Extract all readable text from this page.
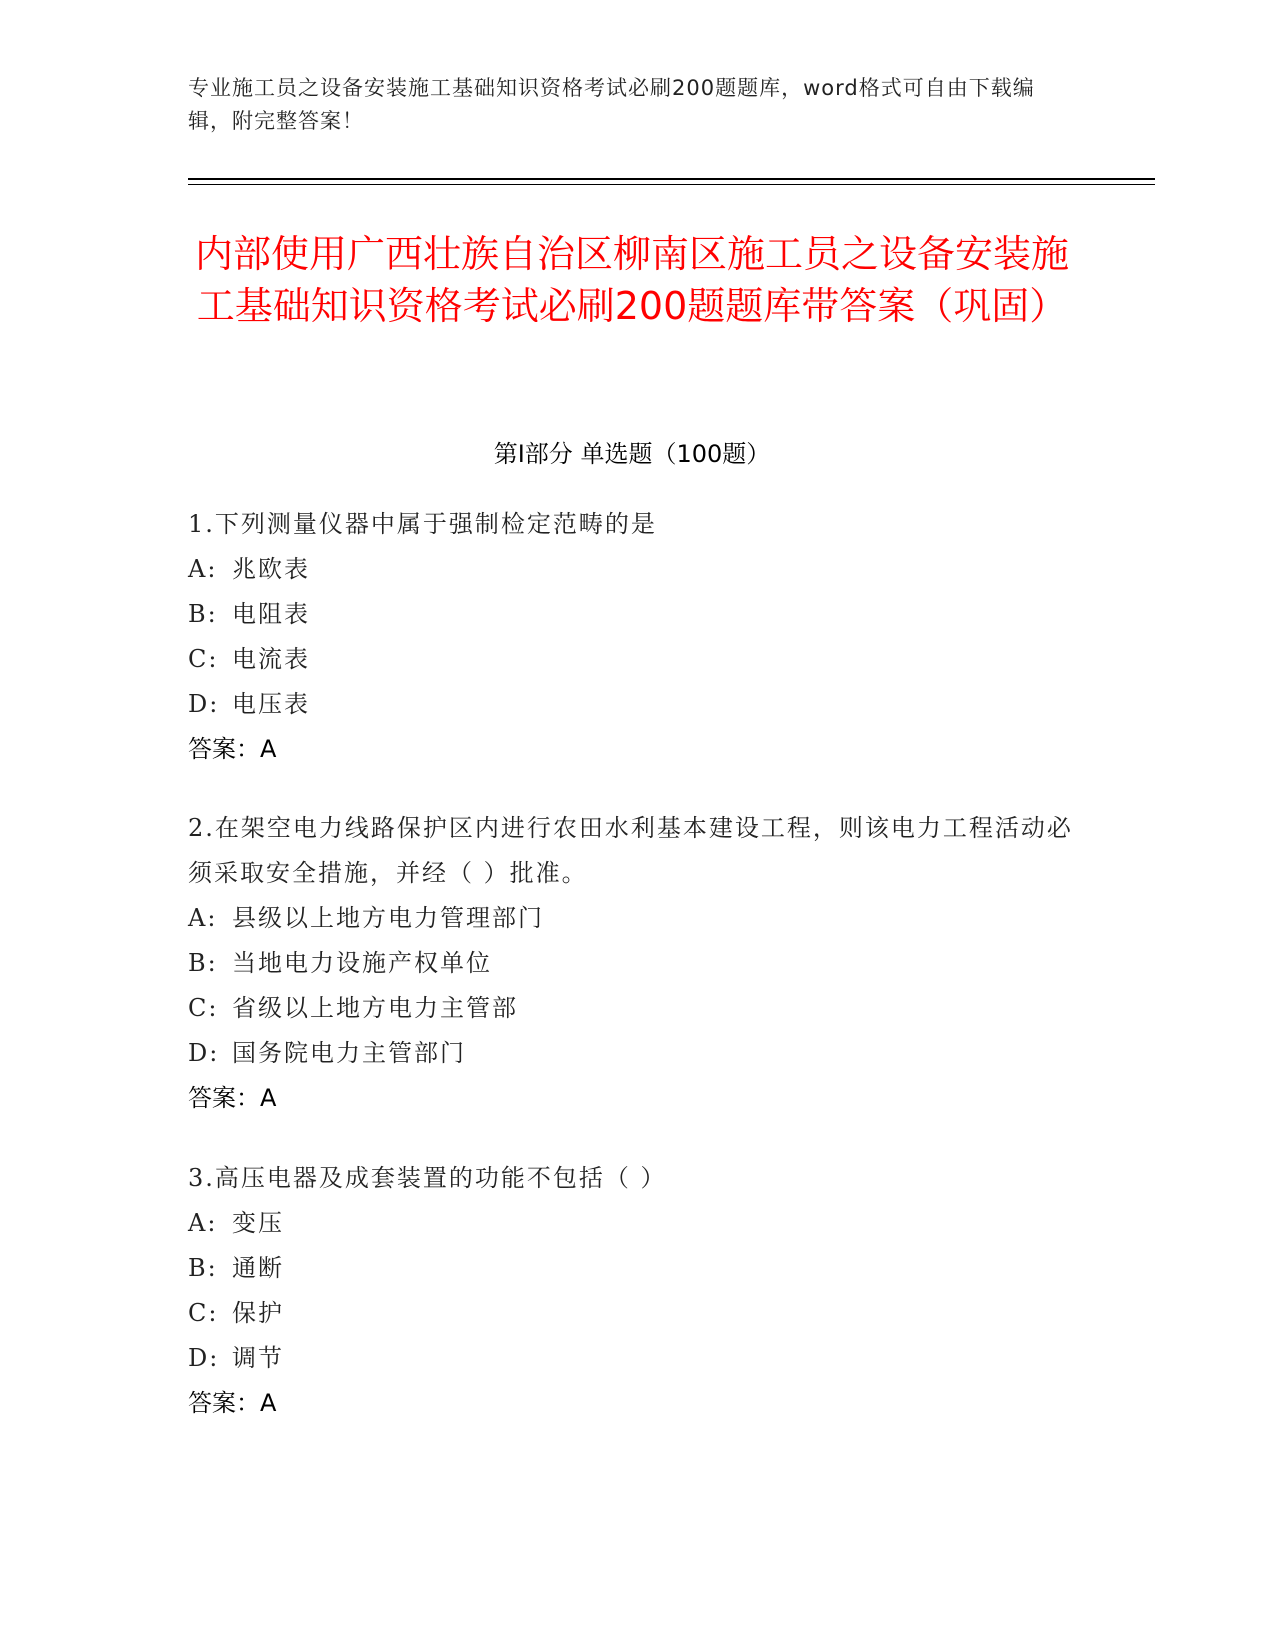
专业施工员之设备安装施工基础知识资格考试必刷200题题库，word格式可自由下载编辑，附完整答案！
内部使用广西壮族自治区柳南区施工员之设备安装施工基础知识资格考试必刷200题题库带答案（巩固）
第Ⅰ部分 单选题（100题）
1.下列测量仪器中属于强制检定范畴的是
A: 兆欧表
B: 电阻表
C: 电流表
D: 电压表
答案：A
2.在架空电力线路保护区内进行农田水利基本建设工程，则该电力工程活动必须采取安全措施，并经（ ）批准。
A: 县级以上地方电力管理部门
B: 当地电力设施产权单位
C: 省级以上地方电力主管部
D: 国务院电力主管部门
答案：A
3.高压电器及成套装置的功能不包括（ ）
A: 变压
B: 通断
C: 保护
D: 调节
答案：A
